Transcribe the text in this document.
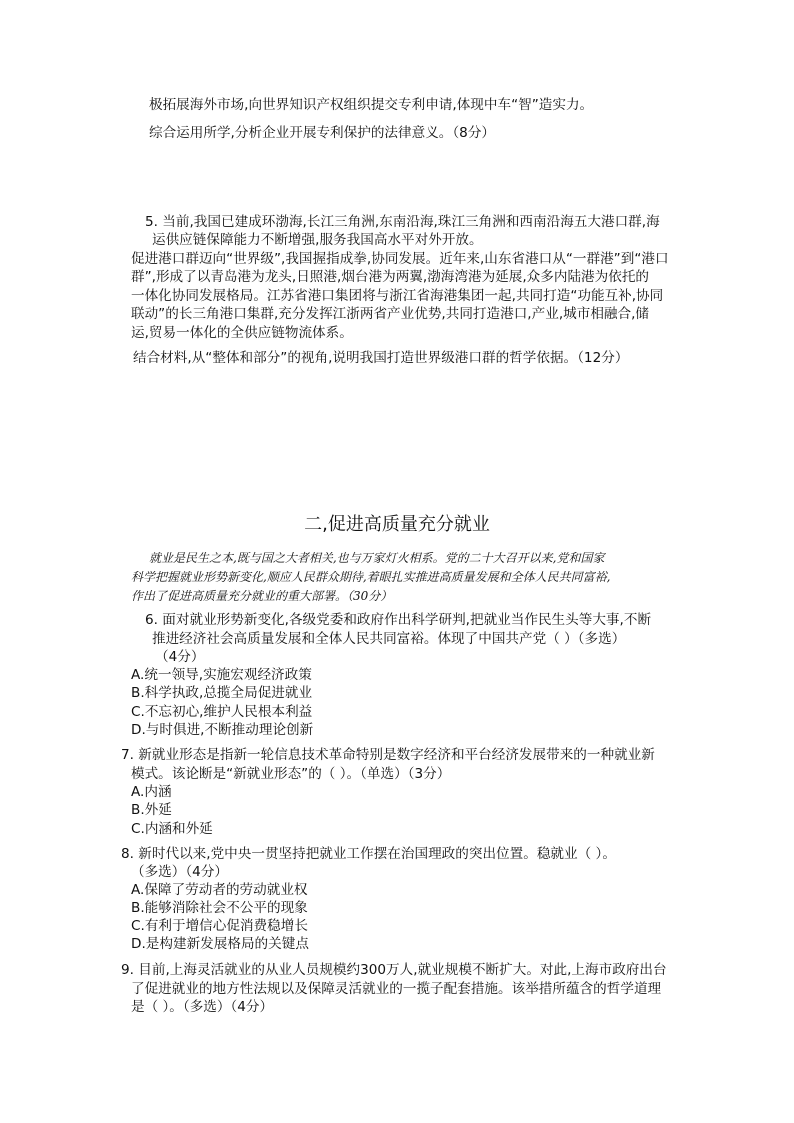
极拓展海外市场,向世界知识产权组织提交专利申请,体现中车“智”造实力。
综合运用所学,分析企业开展专利保护的法律意义。（8分）
5. 当前,我国已建成环渤海,长江三角洲,东南沿海,珠江三角洲和西南沿海五大港口群,海
运供应链保障能力不断增强,服务我国高水平对外开放。
促进港口群迈向“世界级”,我国握指成拳,协同发展。近年来,山东省港口从“一群港”到“港口
群”,形成了以青岛港为龙头,日照港,烟台港为两翼,渤海湾港为延展,众多内陆港为依托的
一体化协同发展格局。江苏省港口集团将与浙江省海港集团一起,共同打造“功能互补,协同
联动”的长三角港口集群,充分发挥江浙两省产业优势,共同打造港口,产业,城市相融合,储
运,贸易一体化的全供应链物流体系。
结合材料,从“整体和部分”的视角,说明我国打造世界级港口群的哲学依据。（12分）
二,促进高质量充分就业
就业是民生之本,既与国之大者相关,也与万家灯火相系。党的二十大召开以来,党和国家
科学把握就业形势新变化,顺应人民群众期待,着眼扎实推进高质量发展和全体人民共同富裕,
作出了促进高质量充分就业的重大部署。（30分）
6. 面对就业形势新变化,各级党委和政府作出科学研判,把就业当作民生头等大事,不断
推进经济社会高质量发展和全体人民共同富裕。体现了中国共产党（ ）（多选）
（4分）
A.统一领导,实施宏观经济政策
B.科学执政,总揽全局促进就业
C.不忘初心,维护人民根本利益
D.与时俱进,不断推动理论创新
7. 新就业形态是指新一轮信息技术革命特别是数字经济和平台经济发展带来的一种就业新
模式。该论断是“新就业形态”的（ ）。（单选）（3分）
A.内涵
B.外延
C.内涵和外延
8. 新时代以来,党中央一贯坚持把就业工作摆在治国理政的突出位置。稳就业（ ）。
（多选）（4分）
A.保障了劳动者的劳动就业权
B.能够消除社会不公平的现象
C.有利于增信心促消费稳增长
D.是构建新发展格局的关键点
9. 目前,上海灵活就业的从业人员规模约300万人,就业规模不断扩大。对此,上海市政府出台
了促进就业的地方性法规以及保障灵活就业的一揽子配套措施。该举措所蕴含的哲学道理
是（ ）。（多选）（4分）
